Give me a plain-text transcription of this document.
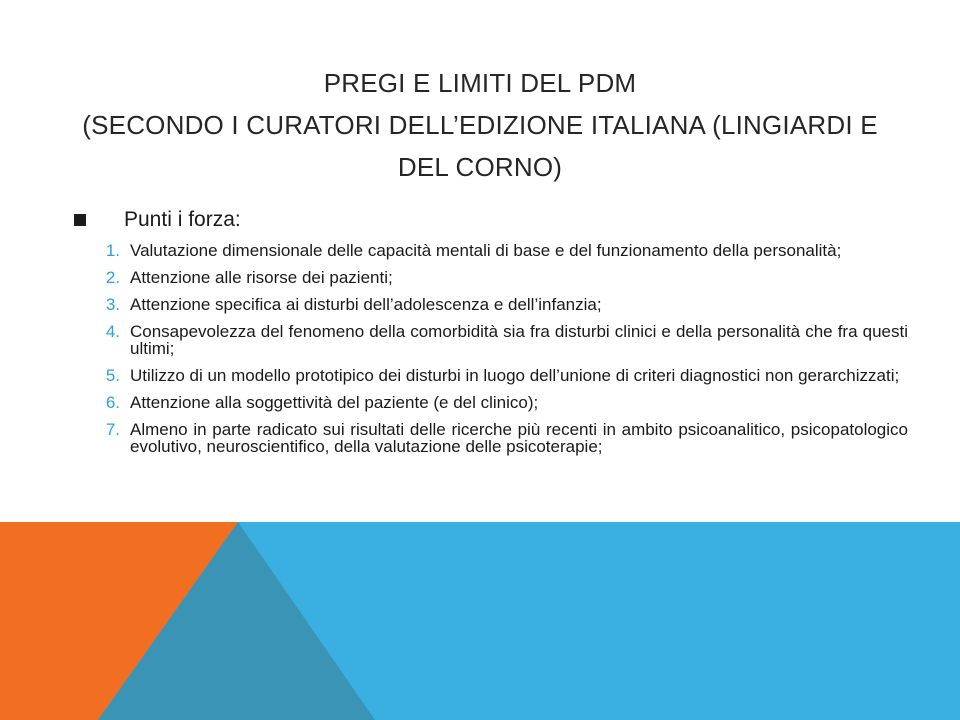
PREGI E LIMITI DEL PDM
(SECONDO I CURATORI DELL’EDIZIONE ITALIANA (LINGIARDI E
DEL CORNO)
Punti i forza:
1. Valutazione dimensionale delle capacità mentali di base e del funzionamento della personalità;
2. Attenzione alle risorse dei pazienti;
3. Attenzione specifica ai disturbi dell’adolescenza e dell’infanzia;
4. Consapevolezza del fenomeno della comorbidità sia fra disturbi clinici e della personalità che fra questi ultimi;
5. Utilizzo di un modello prototipico dei disturbi in luogo dell’unione di criteri diagnostici non gerarchizzati;
6. Attenzione alla soggettività del paziente (e del clinico);
7. Almeno in parte radicato sui risultati delle ricerche più recenti in ambito psicoanalitico, psicopatologico evolutivo, neuroscientifico, della valutazione delle psicoterapie;
